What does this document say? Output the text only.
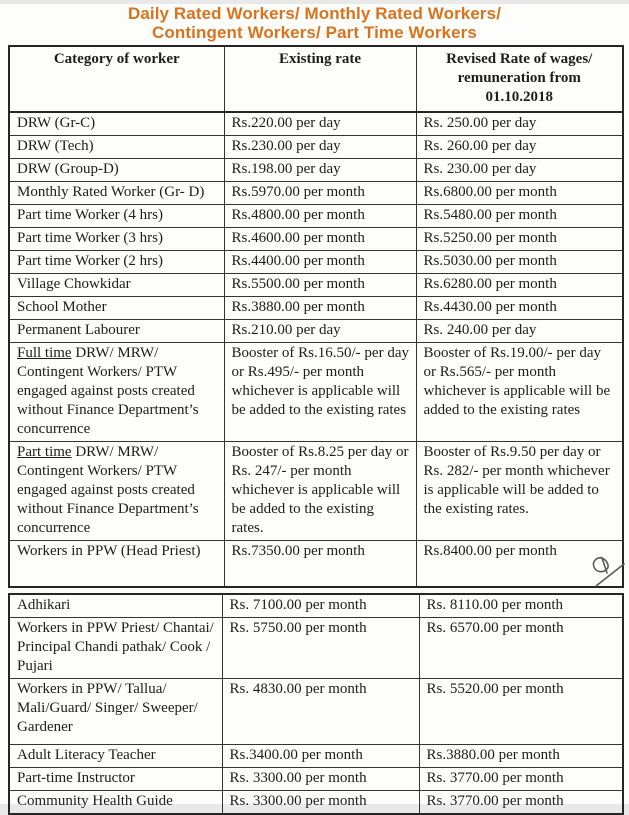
Daily Rated Workers/ Monthly Rated Workers/
Contingent Workers/ Part Time Workers
Category of worker	Existing rate	Revised Rate of wages/ remuneration from 01.10.2018

DRW (Gr-C)	Rs.220.00 per day	Rs. 250.00 per day
DRW (Tech)	Rs.230.00 per day	Rs. 260.00 per day
DRW (Group-D)	Rs.198.00 per day	Rs. 230.00 per day
Monthly Rated Worker (Gr- D)	Rs.5970.00 per month	Rs.6800.00 per month
Part time Worker (4 hrs)	Rs.4800.00 per month	Rs.5480.00 per month
Part time Worker (3 hrs)	Rs.4600.00 per month	Rs.5250.00 per month
Part time Worker (2 hrs)	Rs.4400.00 per month	Rs.5030.00 per month
Village Chowkidar	Rs.5500.00 per month	Rs.6280.00 per month
School Mother	Rs.3880.00 per month	Rs.4430.00 per month
Permanent Labourer	Rs.210.00 per day	Rs. 240.00 per day
Full time DRW/ MRW/ Contingent Workers/ PTW engaged against posts created without Finance Department’s concurrence	Booster of Rs.16.50/- per day or Rs.495/- per month whichever is applicable will be added to the existing rates	Booster of Rs.19.00/- per day or Rs.565/- per month whichever is applicable will be added to the existing rates
Part time DRW/ MRW/ Contingent Workers/ PTW engaged against posts created without Finance Department’s concurrence	Booster of Rs.8.25 per day or Rs. 247/- per month whichever is applicable will be added to the existing rates.	Booster of Rs.9.50 per day or Rs. 282/- per month whichever is applicable will be added to the existing rates.
Workers in PPW (Head Priest)	Rs.7350.00 per month	Rs.8400.00 per month
Adhikari	Rs. 7100.00 per month	Rs. 8110.00 per month
Workers in PPW Priest/ Chantai/ Principal Chandi pathak/ Cook / Pujari	Rs. 5750.00 per month	Rs. 6570.00 per month
Workers in PPW/ Tallua/ Mali/Guard/ Singer/ Sweeper/ Gardener	Rs. 4830.00 per month	Rs. 5520.00 per month
Adult Literacy Teacher	Rs.3400.00 per month	Rs.3880.00 per month
Part-time Instructor	Rs. 3300.00 per month	Rs. 3770.00 per month
Community Health Guide	Rs. 3300.00 per month	Rs. 3770.00 per month
